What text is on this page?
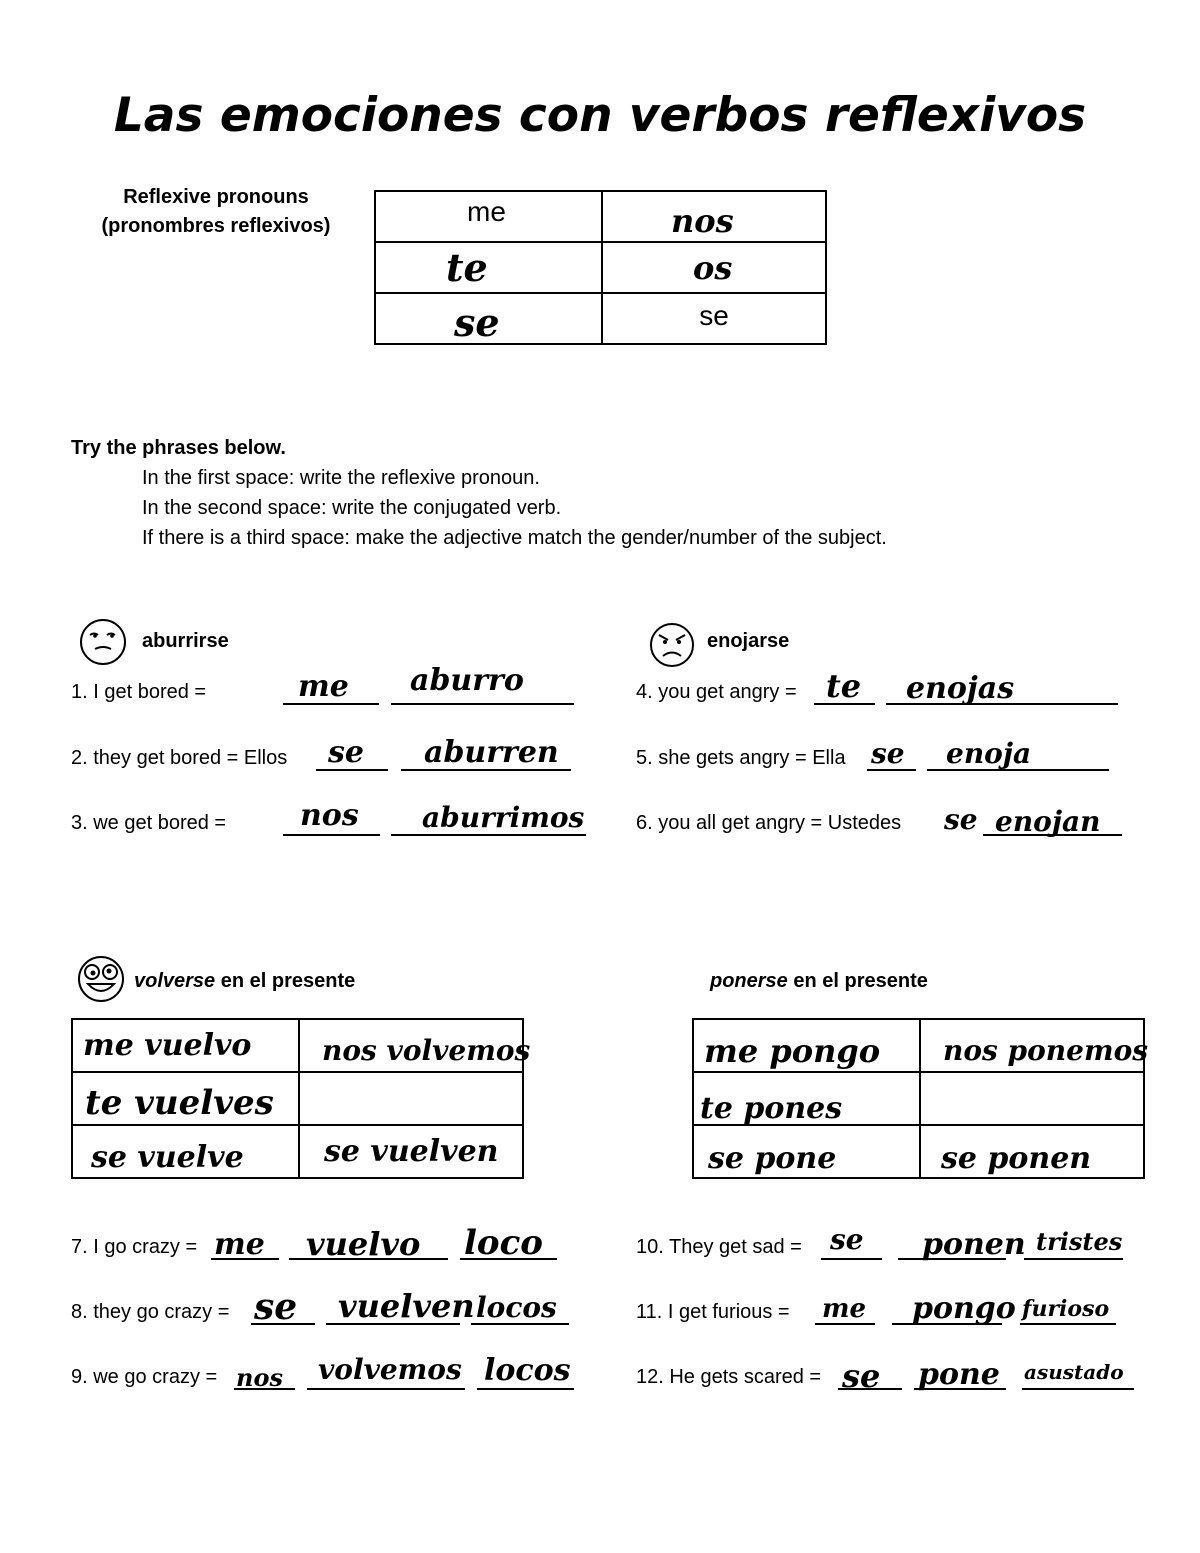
Las emociones con verbos reflexivos
Reflexive pronouns
(pronombres reflexivos)	me	nos

te	os

se	se
Try the phrases below.
In the first space: write the reflexive pronoun.
In the second space: write the conjugated verb.
If there is a third space: make the adjective match the gender/number of the subject.
aburrirse	enojarse
1. I get bored =	me aburro
2. they get bored = Ellos se aburren
3. we get bored = nos aburrimos
4. you get angry = te enojas
5. she gets angry = Ella se enoja
6. you all get angry = Ustedes se enojan
volverse en el presente	ponerse en el presente
me vuelvo	nos volvemos

te vuelves	

se vuelve	se vuelven
me pongo	nos ponemos

te pones	

se pone	se ponen
7. I go crazy = me vuelvo loco
8. they go crazy = se vuelven locos
9. we go crazy = nos volvemos locos
10. They get sad = se ponen tristes
11. I get furious = me pongo furioso
12. He gets scared = se pone asustado
